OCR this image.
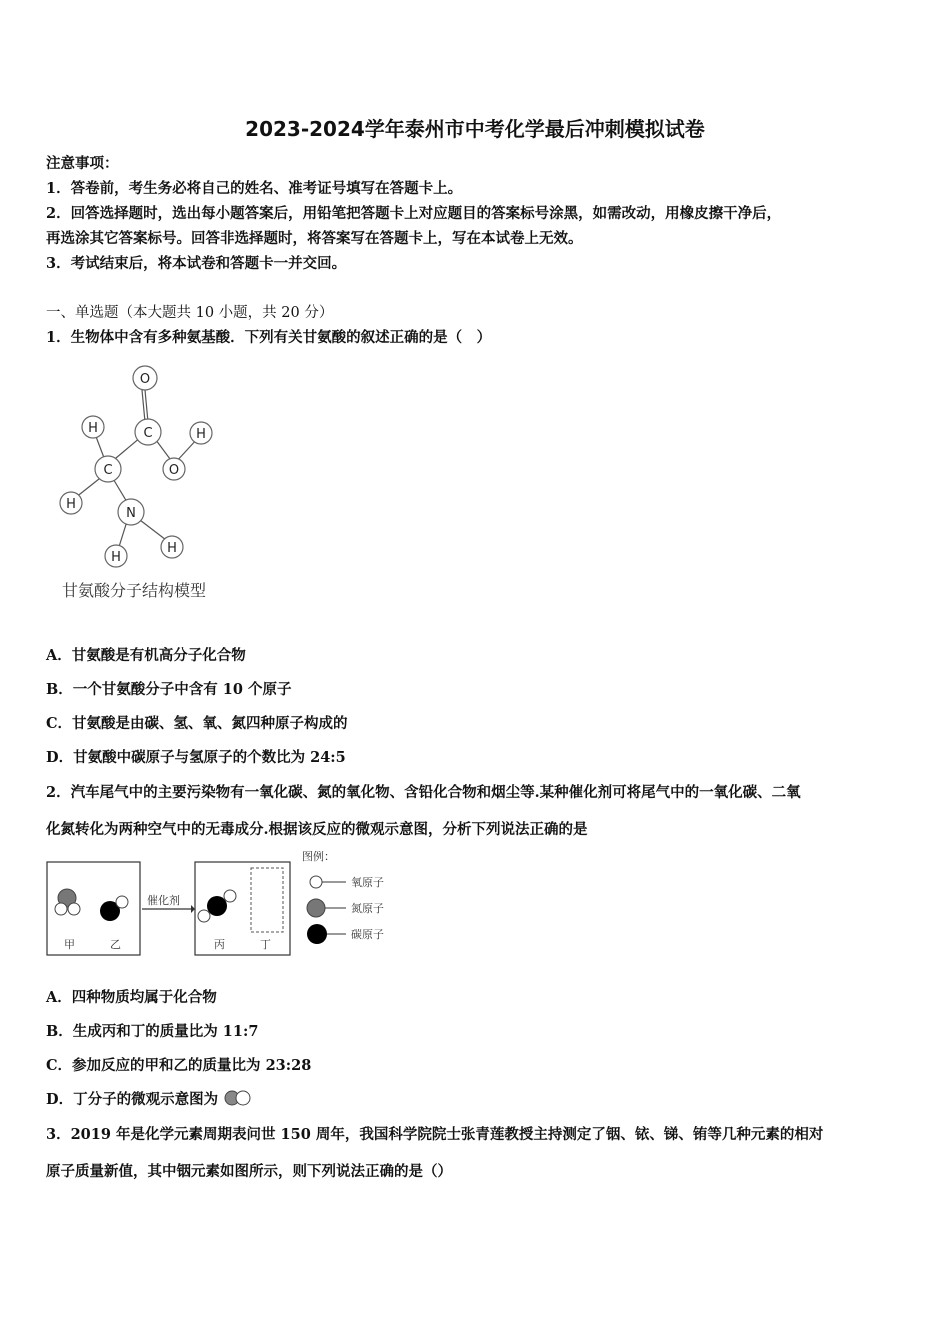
2023-2024学年泰州市中考化学最后冲刺模拟试卷
注意事项：
1．答卷前，考生务必将自己的姓名、准考证号填写在答题卡上。
2．回答选择题时，选出每小题答案后，用铅笔把答题卡上对应题目的答案标号涂黑，如需改动，用橡皮擦干净后，
再选涂其它答案标号。回答非选择题时，将答案写在答题卡上，写在本试卷上无效。
3．考试结束后，将本试卷和答题卡一并交回。
一、单选题（本大题共 10 小题，共 20 分）
1．生物体中含有多种氨基酸．下列有关甘氨酸的叙述正确的是（　）
O
C
H	H
C	O
H
N
H
H
甘氨酸分子结构模型
A．甘氨酸是有机高分子化合物
B．一个甘氨酸分子中含有 10 个原子
C．甘氨酸是由碳、氢、氧、氮四种原子构成的
D．甘氨酸中碳原子与氢原子的个数比为 24:5
2．汽车尾气中的主要污染物有一氧化碳、氮的氧化物、含铅化合物和烟尘等.某种催化剂可将尾气中的一氧化碳、二氧
化氮转化为两种空气中的无毒成分.根据该反应的微观示意图，分析下列说法正确的是
催化剂
甲	乙	丙	丁
图例：
氧原子
氮原子
碳原子
A．四种物质均属于化合物
B．生成丙和丁的质量比为 11:7
C．参加反应的甲和乙的质量比为 23:28
D．丁分子的微观示意图为
3．2019 年是化学元素周期表问世 150 周年，我国科学院院士张青莲教授主持测定了铟、铱、锑、铕等几种元素的相对
原子质量新值，其中铟元素如图所示，则下列说法正确的是（）
